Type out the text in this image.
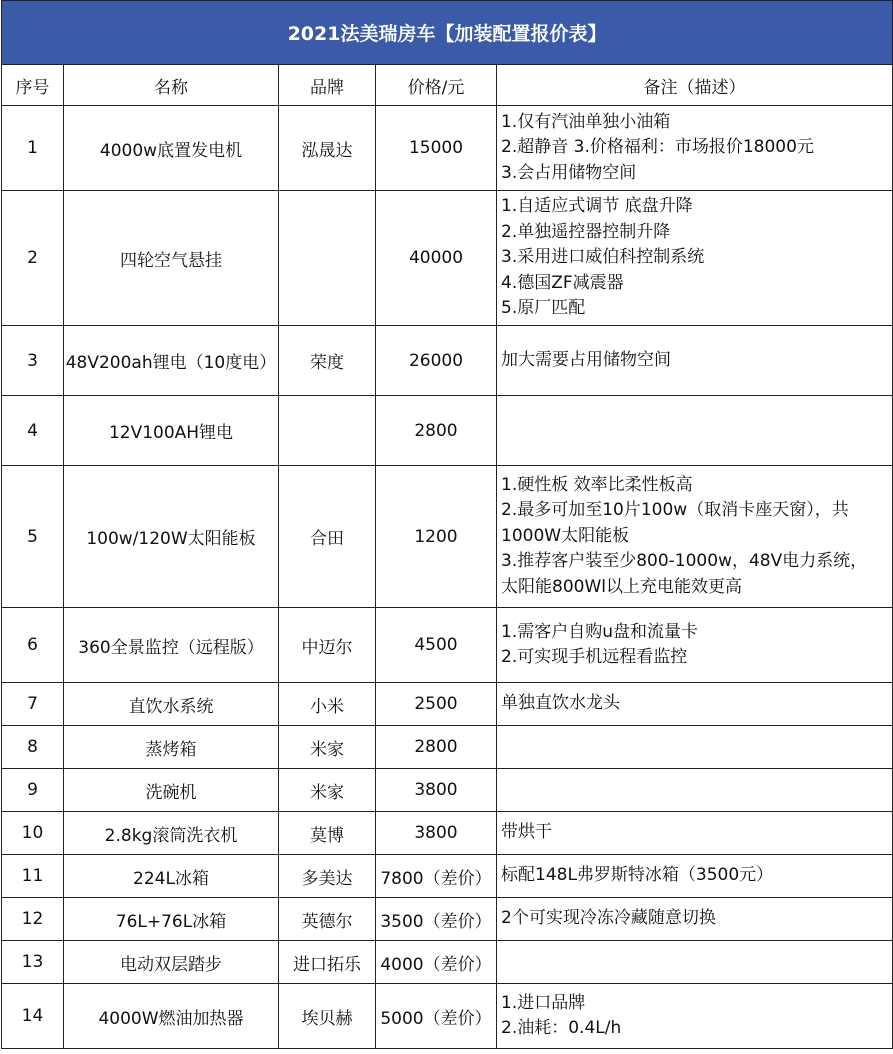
2021法美瑞房车【加装配置报价表】				
序号	名称	品牌	价格/元	备注（描述）
1	4000w底置发电机	泓晟达	15000	1.仅有汽油单独小油箱
2.超静音 3.价格福利：市场报价18000元
3.会占用储物空间

2	四轮空气悬挂		40000	1.自适应式调节 底盘升降
2.单独遥控器控制升降
3.采用进口威伯科控制系统
4.德国ZF减震器
5.原厂匹配

3	48V200ah锂电（10度电）	荣度	26000	加大需要占用储物空间

4	12V100AH锂电		2800	
5	100w/120W太阳能板	合田	1200	1.硬性板 效率比柔性板高
2.最多可加至10片100w（取消卡座天窗），共
1000W太阳能板
3.推荐客户装至少800-1000w，48V电力系统，
太阳能800Wl以上充电能效更高

6	360全景监控（远程版）	中迈尔	4500	1.需客户自购u盘和流量卡
2.可实现手机远程看监控

7	直饮水系统	小米	2500	单独直饮水龙头

8	蒸烤箱	米家	2800	
9	洗碗机	米家	3800	
10	2.8kg滚筒洗衣机	莫博	3800	带烘干

11	224L冰箱	多美达	7800（差价）	标配148L弗罗斯特冰箱（3500元）

12	76L+76L冰箱	英德尔	3500（差价）	2个可实现冷冻冷藏随意切换

13	电动双层踏步	进口拓乐	4000（差价）	
14	4000W燃油加热器	埃贝赫	5000（差价）	1.进口品牌
2.油耗：0.4L/h
